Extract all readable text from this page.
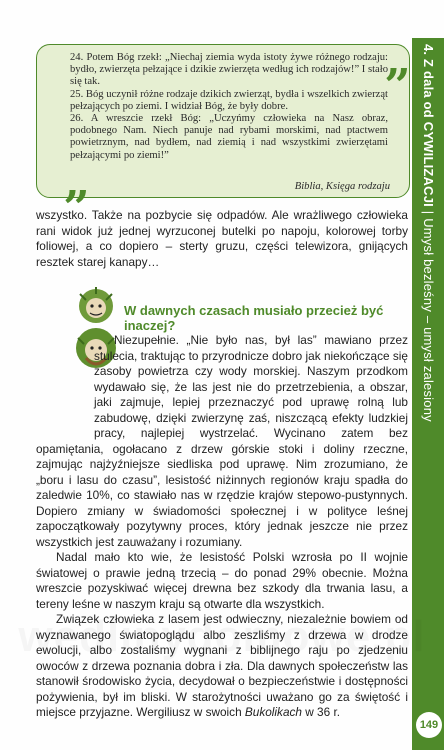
4. Z dala od CYWILIZACJI | Umysł bezleśny – umysł zalesiony
149
„
„

24. Potem Bóg rzekł: „Niechaj ziemia wyda istoty żywe różnego rodzaju: bydło, zwierzęta pełzające i dzikie zwierzęta według ich rodzajów!” I stało się tak.

25. Bóg uczynił różne rodzaje dzikich zwierząt, bydła i wszelkich zwierząt pełzających po ziemi. I widział Bóg, że były dobre.

26. A wreszcie rzekł Bóg: „Uczyńmy człowieka na Nasz obraz, podobnego Nam. Niech panuje nad rybami morskimi, nad ptactwem powietrznym, nad bydłem, nad ziemią i nad wszystkimi zwierzętami pełzającymi po ziemi!”

Biblia, Księga rodzaju

wszystko. Także na pozbycie się odpadów. Ale wrażliwego człowieka rani widok już jednej wyrzuconej butelki po napoju, kolorowej torby foliowej, a co dopiero – sterty gruzu, części telewizora, gnijących resztek starej kanapy…

W dawnych czasach musiało przecież być inaczej?

Niezupełnie. „Nie było nas, był las” mawiano przez stulecia, traktując to przyrodnicze dobro jak niekończące się zasoby powietrza czy wody morskiej. Naszym przodkom wydawało się, że las jest nie do przetrzebienia, a obszar, jaki zajmuje, lepiej przeznaczyć pod uprawę rolną lub zabudowę, dzięki zwierzynę zaś, niszczącą efekty ludzkiej pracy, najlepiej wystrzelać. Wycinano zatem bez opamiętania, ogołacano z drzew górskie stoki i doliny rzeczne, zajmując najżyźniejsze siedliska pod uprawę. Nim zrozumiano, że „boru i lasu do czasu”, lesistość niżinnych regionów kraju spadła do zaledwie 10%, co stawiało nas w rzędzie krajów stepowo-pustynnych. Dopiero zmiany w świadomości społecznej i w polityce leśnej zapoczątkowały pozytywny proces, który jednak jeszcze nie przez wszystkich jest zauważany i rozumiany.

Nadal mało kto wie, że lesistość Polski wzrosła po II wojnie światowej o prawie jedną trzecią – do ponad 29% obecnie. Można wreszcie pozyskiwać więcej drewna bez szkody dla trwania lasu, a tereny leśne w naszym kraju są otwarte dla wszystkich.

Związek człowieka z lasem jest odwieczny, niezależnie bowiem od wyznawanego światopoglądu albo zeszliśmy z drzewa w drodze ewolucji, albo zostaliśmy wygnani z biblijnego raju po zjedzeniu owoców z drzewa poznania dobra i zła. Dla dawnych społeczeństw las stanowił środowisko życia, decydował o bezpieczeństwie i dostępności pożywienia, był im bliski. W starożytności uważano go za świętość i miejsce przyjazne. Wergiliusz w swoich Bukolikach w 36 r.
